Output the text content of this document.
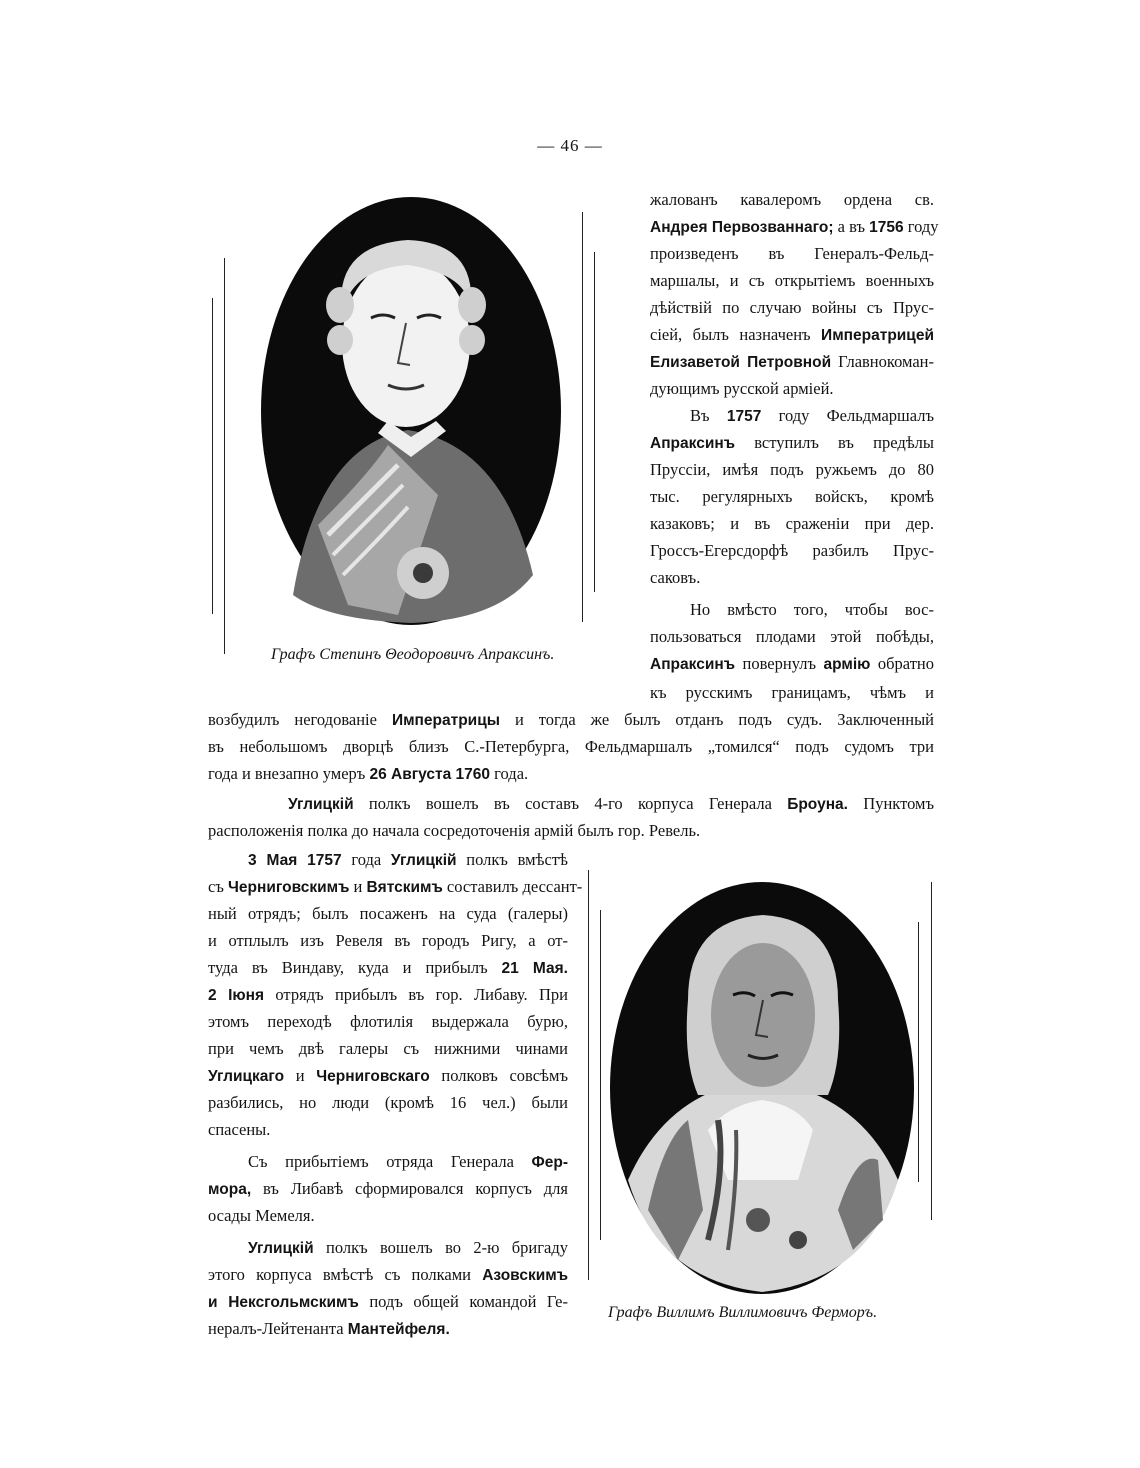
— 46 —
Графъ Степинъ Θеодоровичъ Апраксинъ.
Графъ Виллимъ Виллимовичъ Ферморъ.
жалованъ кавалеромъ ордена св.
Андрея Первозваннаго; а въ 1756 году
произведенъ въ Генералъ-Фельд-
маршалы, и съ открытіемъ военныхъ
дѣйствій по случаю войны съ Прус-
сіей, былъ назначенъ Императрицей
Елизаветой Петровной Главнокоман-
дующимъ русской арміей.
Въ 1757 году Фельдмаршалъ
Апраксинъ вступилъ въ предѣлы
Пруссіи, имѣя подъ ружьемъ до 80
тыс. регулярныхъ войскъ, кромѣ
казаковъ; и въ сраженіи при дер.
Гроссъ-Егерсдорфѣ разбилъ Прус-
саковъ.
Но вмѣсто того, чтобы вос-
пользоваться плодами этой побѣды,
Апраксинъ повернулъ армію обратно
къ русскимъ границамъ, чѣмъ и
возбудилъ негодованіе Императрицы и тогда же былъ отданъ подъ судъ. Заключенный
въ небольшомъ дворцѣ близъ С.-Петербурга, Фельдмаршалъ „томился“ подъ судомъ три
года и внезапно умеръ 26 Августа 1760 года.
Углицкій полкъ вошелъ въ составъ 4-го корпуса Генерала Броуна. Пунктомъ
расположенія полка до начала сосредоточенія армій былъ гор. Ревель.
3 Мая 1757 года Углицкій полкъ вмѣстѣ
съ Черниговскимъ и Вятскимъ составилъ дессант-
ный отрядъ; былъ посаженъ на суда (галеры)
и отплылъ изъ Ревеля въ городъ Ригу, а от-
туда въ Виндаву, куда и прибылъ 21 Мая.
2 Іюня отрядъ прибылъ въ гор. Либаву. При
этомъ переходѣ флотилія выдержала бурю,
при чемъ двѣ галеры съ нижними чинами
Углицкаго и Черниговскаго полковъ совсѣмъ
разбились, но люди (кромѣ 16 чел.) были
спасены.
Съ прибытіемъ отряда Генерала Фер-
мора, въ Либавѣ сформировался корпусъ для
осады Мемеля.
Углицкій полкъ вошелъ во 2-ю бригаду
этого корпуса вмѣстѣ съ полками Азовскимъ
и Нексгольмскимъ подъ общей командой Ге-
нералъ-Лейтенанта Мантейфеля.
